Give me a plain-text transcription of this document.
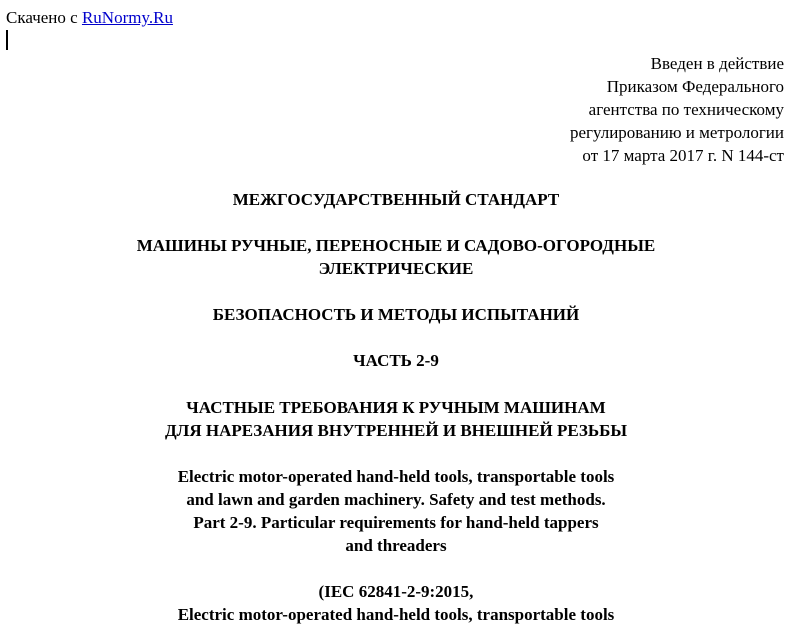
Скачено с RuNormy.Ru
Введен в действие
Приказом Федерального
агентства по техническому
регулированию и метрологии
от 17 марта 2017 г. N 144-ст
МЕЖГОСУДАРСТВЕННЫЙ СТАНДАРТ
МАШИНЫ РУЧНЫЕ, ПЕРЕНОСНЫЕ И САДОВО-ОГОРОДНЫЕ
ЭЛЕКТРИЧЕСКИЕ
БЕЗОПАСНОСТЬ И МЕТОДЫ ИСПЫТАНИЙ
ЧАСТЬ 2-9
ЧАСТНЫЕ ТРЕБОВАНИЯ К РУЧНЫМ МАШИНАМ
ДЛЯ НАРЕЗАНИЯ ВНУТРЕННЕЙ И ВНЕШНЕЙ РЕЗЬБЫ
Electric motor-operated hand-held tools, transportable tools
and lawn and garden machinery. Safety and test methods.
Part 2-9. Particular requirements for hand-held tappers
and threaders
(IEC 62841-2-9:2015,
Electric motor-operated hand-held tools, transportable tools
